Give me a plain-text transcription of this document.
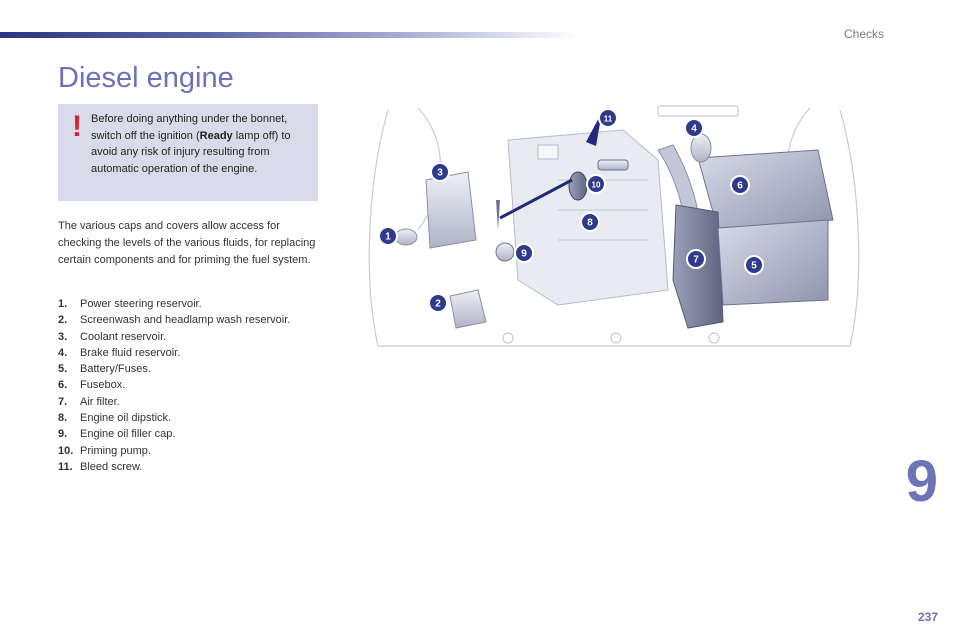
Checks
Diesel engine
! Before doing anything under the bonnet, switch off the ignition (Ready lamp off) to avoid any risk of injury resulting from automatic operation of the engine.

The various caps and covers allow access for checking the levels of the various fluids, for replacing certain components and for priming the fuel system.

1.	Power steering reservoir.
2.	Screenwash and headlamp wash reservoir.
3.	Coolant reservoir.
4.	Brake fluid reservoir.
5.	Battery/Fuses.
6.	Fusebox.
7.	Air filter.
8.	Engine oil dipstick.
9.	Engine oil filler cap.
10. Priming pump.
11. Bleed screw.
1
2
3
4
5
6
7
8
9
10
11
9
237
